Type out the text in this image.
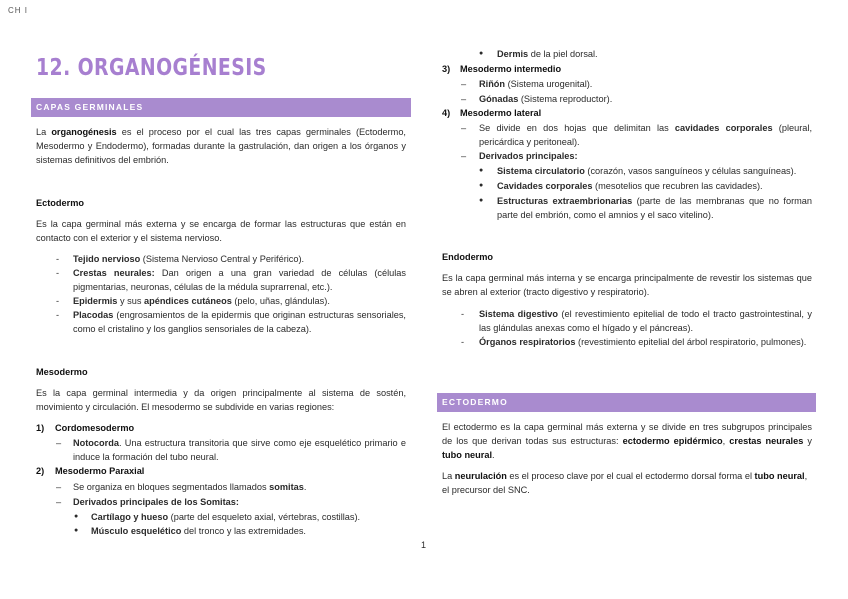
CH I
12. ORGANOGÉNESIS
CAPAS GERMINALES

La organogénesis es el proceso por el cual las tres capas germinales (Ectodermo, Mesodermo y Endodermo), formadas durante la gastrulación, dan origen a los órganos y sistemas definitivos del embrión.

Ectodermo

Es la capa germinal más externa y se encarga de formar las estructuras que están en contacto con el exterior y el sistema nervioso.

- Tejido nervioso (Sistema Nervioso Central y Periférico).
- Crestas neurales: Dan origen a una gran variedad de células (células pigmentarias, neuronas, células de la médula suprarrenal, etc.).
- Epidermis y sus apéndices cutáneos (pelo, uñas, glándulas).
- Placodas (engrosamientos de la epidermis que originan estructuras sensoriales, como el cristalino y los ganglios sensoriales de la cabeza).
Mesodermo

Es la capa germinal intermedia y da origen principalmente al sistema de sostén, movimiento y circulación. El mesodermo se subdivide en varias regiones:

1) Cordomesodermo
– Notocorda. Una estructura transitoria que sirve como eje esquelético primario e induce la formación del tubo neural.
2) Mesodermo Paraxial
– Se organiza en bloques segmentados llamados somitas.
– Derivados principales de los Somitas:
● Cartílago y hueso (parte del esqueleto axial, vértebras, costillas).
● Músculo esquelético del tronco y las extremidades.
1
● Dermis de la piel dorsal.
3) Mesodermo intermedio
– Riñón (Sistema urogenital).
– Gónadas (Sistema reproductor).
4) Mesodermo lateral
– Se divide en dos hojas que delimitan las cavidades corporales (pleural, pericárdica y peritoneal).
– Derivados principales:
● Sistema circulatorio (corazón, vasos sanguíneos y células sanguíneas).
● Cavidades corporales (mesotelios que recubren las cavidades).
● Estructuras extraembrionarias (parte de las membranas que no forman parte del embrión, como el amnios y el saco vitelino).
Endodermo

Es la capa germinal más interna y se encarga principalmente de revestir los sistemas que se abren al exterior (tracto digestivo y respiratorio).

- Sistema digestivo (el revestimiento epitelial de todo el tracto gastrointestinal, y las glándulas anexas como el hígado y el páncreas).
- Órganos respiratorios (revestimiento epitelial del árbol respiratorio, pulmones).
ECTODERMO

El ectodermo es la capa germinal más externa y se divide en tres subgrupos principales de los que derivan todas sus estructuras: ectodermo epidérmico, crestas neurales y tubo neural.

La neurulación es el proceso clave por el cual el ectodermo dorsal forma el tubo neural, el precursor del SNC.
